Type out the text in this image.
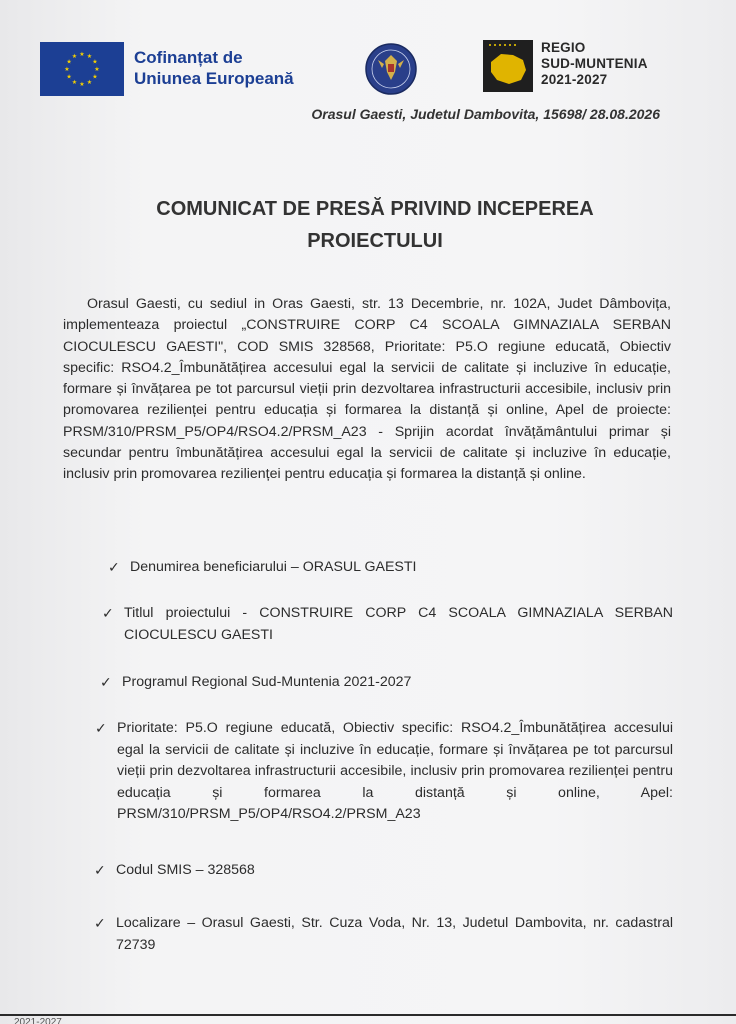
★ ★
★
★
★
★
★
★
★
★
★
★	Cofinanțat de
Uniunea Europeană
REGIO
SUD-MUNTENIA
2021-2027
Orasul Gaesti, Judetul Dambovita, 15698/ 28.08.2026
COMUNICAT DE PRESĂ PRIVIND INCEPEREA
PROIECTULUI
Orasul Gaesti, cu sediul in Oras Gaesti, str. 13 Decembrie, nr. 102A, Judet Dâmbovița, implementeaza proiectul „CONSTRUIRE CORP C4 SCOALA GIMNAZIALA SERBAN CIOCULESCU GAESTI", COD SMIS 328568, Prioritate: P5.O regiune educată, Obiectiv specific: RSO4.2_Îmbunătățirea accesului egal la servicii de calitate și incluzive în educație, formare și învățarea pe tot parcursul vieții prin dezvoltarea infrastructurii accesibile, inclusiv prin promovarea rezilienței pentru educația și formarea la distanță și online, Apel de proiecte: PRSM/310/PRSM_P5/OP4/RSO4.2/PRSM_A23 - Sprijin acordat învățământului primar și secundar pentru îmbunătățirea accesului egal la servicii de calitate și incluzive în educație, inclusiv prin promovarea rezilienței pentru educația și formarea la distanță și online.
✓ Denumirea beneficiarului – ORASUL GAESTI
✓ Titlul proiectului - CONSTRUIRE CORP C4 SCOALA GIMNAZIALA SERBAN CIOCULESCU GAESTI
✓ Programul Regional Sud-Muntenia 2021-2027
✓ Prioritate: P5.O regiune educată, Obiectiv specific: RSO4.2_Îmbunătățirea accesului egal la servicii de calitate și incluzive în educație, formare și învățarea pe tot parcursul vieții prin dezvoltarea infrastructurii accesibile, inclusiv prin promovarea rezilienței pentru educația și formarea la distanță și online, Apel: PRSM/310/PRSM_P5/OP4/RSO4.2/PRSM_A23
✓ Codul SMIS – 328568
✓ Localizare – Orasul Gaesti, Str. Cuza Voda, Nr. 13, Judetul Dambovita, nr. cadastral 72739
2021-2027
